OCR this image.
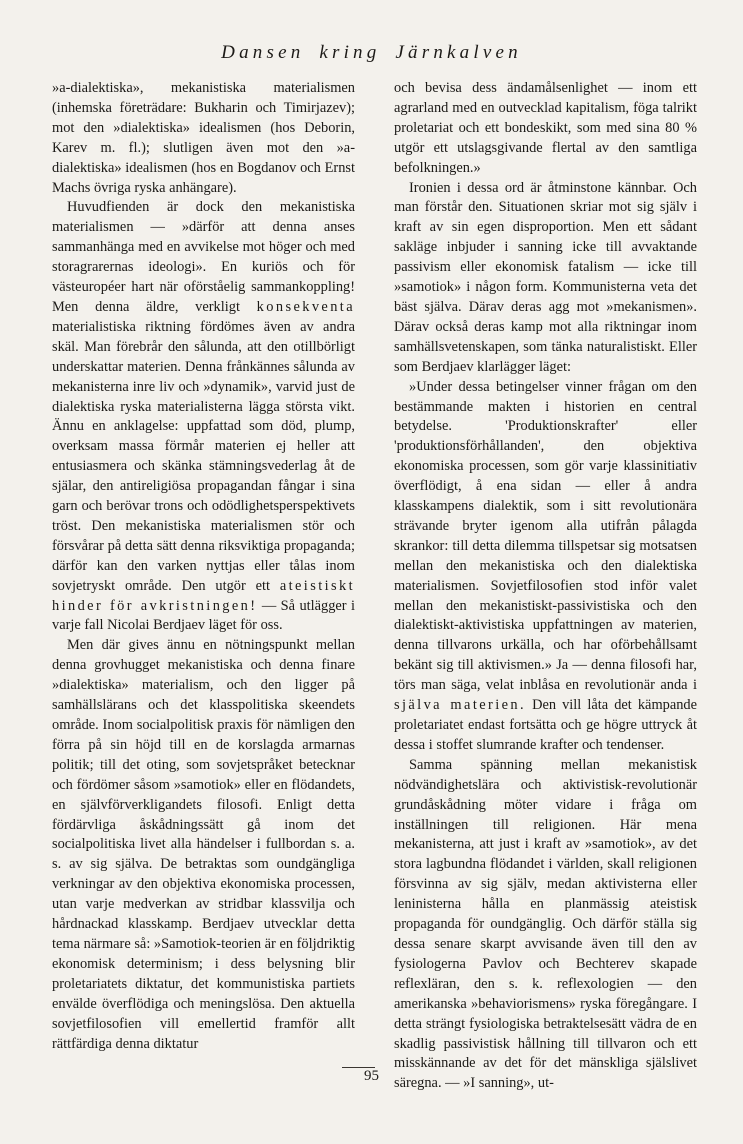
Dansen kring Järnkalven

»a-dialektiska», mekanistiska materialismen (inhemska företrädare: Bukharin och Timirjazev); mot den »dialektiska» idealismen (hos Deborin, Karev m. fl.); slutligen även mot den »a-dialektiska» idealismen (hos en Bogdanov och Ernst Machs övriga ryska anhängare).

Huvudfienden är dock den mekanistiska materialismen — »därför att denna anses sammanhänga med en avvikelse mot höger och med storagrarernas ideologi». En kuriös och för västeuropéer hart när oförståelig sammankoppling! Men denna äldre, verkligt konsekventa materialistiska riktning fördömes även av andra skäl. Man förebrår den sålunda, att den otillbörligt underskattar materien. Denna frånkännes sålunda av mekanisterna inre liv och »dynamik», varvid just de dialektiska ryska materialisterna lägga största vikt. Ännu en anklagelse: uppfattad som död, plump, overksam massa förmår materien ej heller att entusiasmera och skänka stämningsvederlag åt de själar, den antireligiösa propagandan fångar i sina garn och berövar trons och odödlighetsperspektivets tröst. Den mekanistiska materialismen stör och försvårar på detta sätt denna riksviktiga propaganda; därför kan den varken nyttjas eller tålas inom sovjetryskt område. Den utgör ett ateistiskt hinder för avkristningen! — Så utlägger i varje fall Nicolai Berdjaev läget för oss.

Men där gives ännu en nötningspunkt mellan denna grovhugget mekanistiska och denna finare »dialektiska» materialism, och den ligger på samhällslärans och det klasspolitiska skeendets område. Inom socialpolitisk praxis för nämligen den förra på sin höjd till en de korslagda armarnas politik; till det oting, som sovjetspråket betecknar och fördömer såsom »samotiok» eller en flödandets, en självförverkligandets filosofi. Enligt detta fördärvliga åskådningssätt gå inom det socialpolitiska livet alla händelser i fullbordan s. a. s. av sig själva. De betraktas som oundgängliga verkningar av den objektiva ekonomiska processen, utan varje medverkan av stridbar klassvilja och hårdnackad klasskamp. Berdjaev utvecklar detta tema närmare så: »Samotiok-teorien är en följdriktig ekonomisk determinism; i dess belysning blir proletariatets diktatur, det kommunistiska partiets envälde överflödiga och meningslösa. Den aktuella sovjetfilosofien vill emellertid framför allt rättfärdiga denna diktatur

och bevisa dess ändamålsenlighet — inom ett agrarland med en outvecklad kapitalism, föga talrikt proletariat och ett bondeskikt, som med sina 80 % utgör ett utslagsgivande flertal av den samtliga befolkningen.»

Ironien i dessa ord är åtminstone kännbar. Och man förstår den. Situationen skriar mot sig själv i kraft av sin egen disproportion. Men ett sådant sakläge inbjuder i sanning icke till avvaktande passivism eller ekonomisk fatalism — icke till »samotiok» i någon form. Kommunisterna veta det bäst själva. Därav deras agg mot »mekanismen». Därav också deras kamp mot alla riktningar inom samhällsvetenskapen, som tänka naturalistiskt. Eller som Berdjaev klarlägger läget:

»Under dessa betingelser vinner frågan om den bestämmande makten i historien en central betydelse. 'Produktionskrafter' eller 'produktionsförhållanden', den objektiva ekonomiska processen, som gör varje klassinitiativ överflödigt, å ena sidan — eller å andra klasskampens dialektik, som i sitt revolutionära strävande bryter igenom alla utifrån pålagda skrankor: till detta dilemma tillspetsar sig motsatsen mellan den mekanistiska och den dialektiska materialismen. Sovjetfilosofien stod inför valet mellan den mekanistiskt-passivistiska och den dialektiskt-aktivistiska uppfattningen av materien, denna tillvarons urkälla, och har oförbehållsamt bekänt sig till aktivismen.» Ja — denna filosofi har, törs man säga, velat inblåsa en revolutionär anda i själva materien. Den vill låta det kämpande proletariatet endast fortsätta och ge högre uttryck åt dessa i stoffet slumrande krafter och tendenser.

Samma spänning mellan mekanistisk nödvändighetslära och aktivistisk-revolutionär grundåskådning möter vidare i fråga om inställningen till religionen. Här mena mekanisterna, att just i kraft av »samotiok», av det stora lagbundna flödandet i världen, skall religionen försvinna av sig själv, medan aktivisterna eller leninisterna hålla en planmässig ateistisk propaganda för oundgänglig. Och därför ställa sig dessa senare skarpt avvisande även till den av fysiologerna Pavlov och Bechterev skapade reflexläran, den s. k. reflexologien — den amerikanska »behaviorismens» ryska föregångare. I detta strängt fysiologiska betraktelsesätt vädra de en skadlig passivistisk hållning till tillvaron och ett misskännande av det för det mänskliga själslivet säregna. — »I sanning», ut-

95
